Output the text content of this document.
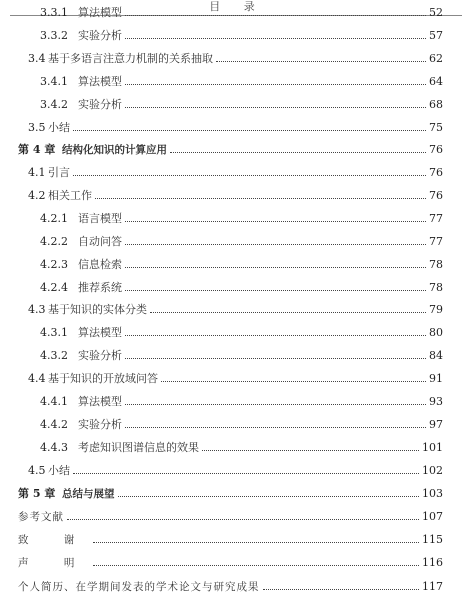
目 录
3.3.1 算法模型	52
3.3.2 实验分析	57
3.4 基于多语言注意力机制的关系抽取	62
3.4.1 算法模型	64
3.4.2 实验分析	68
3.5 小结	75
第 4 章 结构化知识的计算应用	76
4.1 引言	76
4.2 相关工作	76
4.2.1 语言模型	77
4.2.2 自动问答	77
4.2.3 信息检索	78
4.2.4 推荐系统	78
4.3 基于知识的实体分类	79
4.3.1 算法模型	80
4.3.2 实验分析	84
4.4 基于知识的开放域问答	91
4.4.1 算法模型	93
4.4.2 实验分析	97
4.4.3 考虑知识图谱信息的效果	101
4.5 小结	102
第 5 章 总结与展望	103
参考文献	107
致 谢	115
声 明	116
个人简历、在学期间发表的学术论文与研究成果	117
